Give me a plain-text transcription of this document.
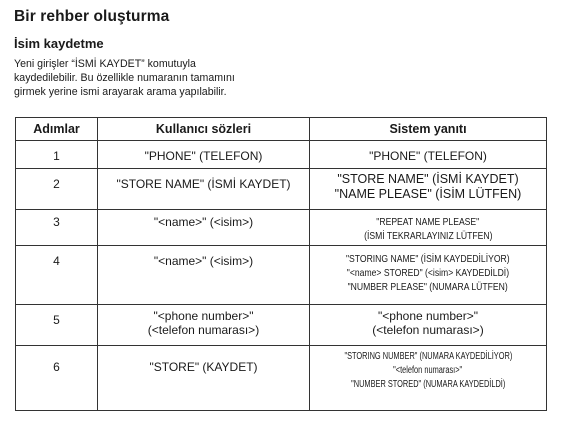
Bir rehber oluşturma
İsim kaydetme
Yeni girişler “İSMİ KAYDET” komutuyla
kaydedilebilir. Bu özellikle numaranın tamamını
girmek yerine ismi arayarak arama yapılabilir.
Adımlar	Kullanıcı sözleri	Sistem yanıtı
1	"PHONE" (TELEFON)	"PHONE" (TELEFON)

2	"STORE NAME" (İSMİ KAYDET)	"STORE NAME" (İSMİ KAYDET)
"NAME PLEASE" (İSİM LÜTFEN)

3	"<name>" (<isim>)	"REPEAT NAME PLEASE"
(İSMİ TEKRARLAYINIZ LÜTFEN)

4	"<name>" (<isim>)	"STORING NAME" (İSİM KAYDEDİLİYOR)
"<name> STORED" (<isim> KAYDEDİLDİ)
"NUMBER PLEASE" (NUMARA LÜTFEN)

5	"<phone number>"
(<telefon numarası>)	"<phone number>"
(<telefon numarası>)

6	"STORE" (KAYDET)	"STORING NUMBER" (NUMARA KAYDEDİLİYOR)
"<telefon numarası>"
"NUMBER STORED" (NUMARA KAYDEDİLDİ)
